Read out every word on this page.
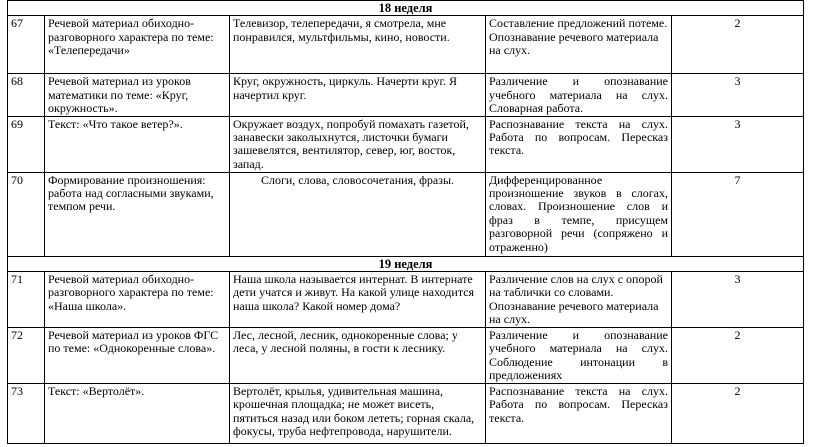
18 неделя				
67	Речевой материал обиходно-разговорного характера по теме: «Телепередачи»	Телевизор, телепередачи, я смотрела, мне понравился, мультфильмы, кино, новости.	Составление предложений потеме. Опознавание речевого материала на слух.	2
68	Речевой материал из уроков математики по теме: «Круг, окружность».	Круг, окружность, циркуль. Начерти круг. Я начертил круг.	Различение и опознавание учебного материала на слух. Словарная работа.	3
69	Текст: «Что такое ветер?».	Окружает воздух, попробуй помахать газетой, занавески заколыхнутся, листочки бумаги зашевелятся, вентилятор, север, юг, восток, запад.	Распознавание текста на слух. Работа по вопросам. Пересказ текста.	3
70	Формирование произношения: работа над согласными звуками, темпом речи.	Слоги, слова, словосочетания, фразы.	Дифференцированное произношение звуков в слогах, словах. Произношение слов и фраз в темпе, присущем разговорной речи (сопряжено и отраженно)	7
19 неделя				
71	Речевой материал обиходно-разговорного характера по теме: «Наша школа».	Наша школа называется интернат. В интернате дети учатся и живут. На какой улице находится наша школа? Какой номер дома?	Различение слов на слух с опорой на таблички со словами. Опознавание речевого материала на слух.	3
72	Речевой материал из уроков ФГС по теме: «Однокоренные слова».	Лес, лесной, лесник, однокоренные слова; у леса, у лесной поляны, в гости к леснику.	Различение и опознавание учебного материала на слух. Соблюдение интонации в предложениях	2
73	Текст: «Вертолёт».	Вертолёт, крылья, удивительная машина, крошечная площадка; не может висеть, пятиться назад или боком лететь; горная скала, фокусы, труба нефтепровода, нарушители.	Распознавание текста на слух. Работа по вопросам. Пересказ текста.	2
